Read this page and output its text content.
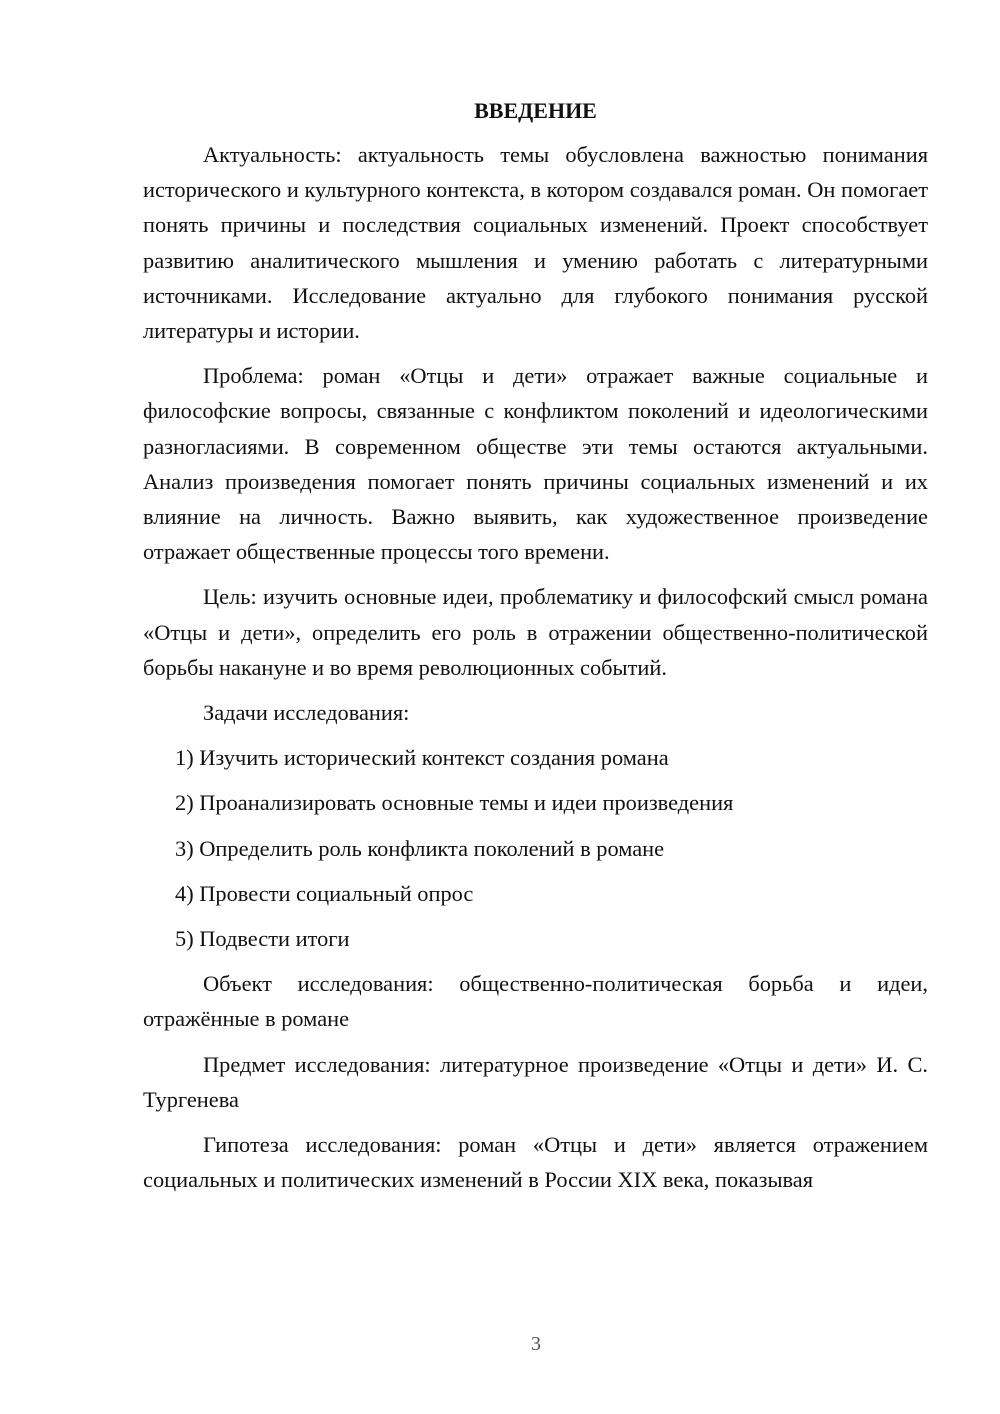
ВВЕДЕНИЕ

Актуальность: актуальность темы обусловлена важностью понимания исторического и культурного контекста, в котором создавался роман. Он помогает понять причины и последствия социальных изменений. Проект способствует развитию аналитического мышления и умению работать с литературными источниками. Исследование актуально для глубокого понимания русской литературы и истории.

Проблема: роман «Отцы и дети» отражает важные социальные и философские вопросы, связанные с конфликтом поколений и идеологическими разногласиями. В современном обществе эти темы остаются актуальными. Анализ произведения помогает понять причины социальных изменений и их влияние на личность. Важно выявить, как художественное произведение отражает общественные процессы того времени.

Цель: изучить основные идеи, проблематику и философский смысл романа «Отцы и дети», определить его роль в отражении общественно-политической борьбы накануне и во время революционных событий.

Задачи исследования:

1) Изучить исторический контекст создания романа

2) Проанализировать основные темы и идеи произведения

3) Определить роль конфликта поколений в романе

4) Провести социальный опрос

5) Подвести итоги

Объект исследования: общественно-политическая борьба и идеи, отражённые в романе

Предмет исследования: литературное произведение «Отцы и дети» И. С. Тургенева

Гипотеза исследования: роман «Отцы и дети» является отражением социальных и политических изменений в России XIX века, показывая

3
